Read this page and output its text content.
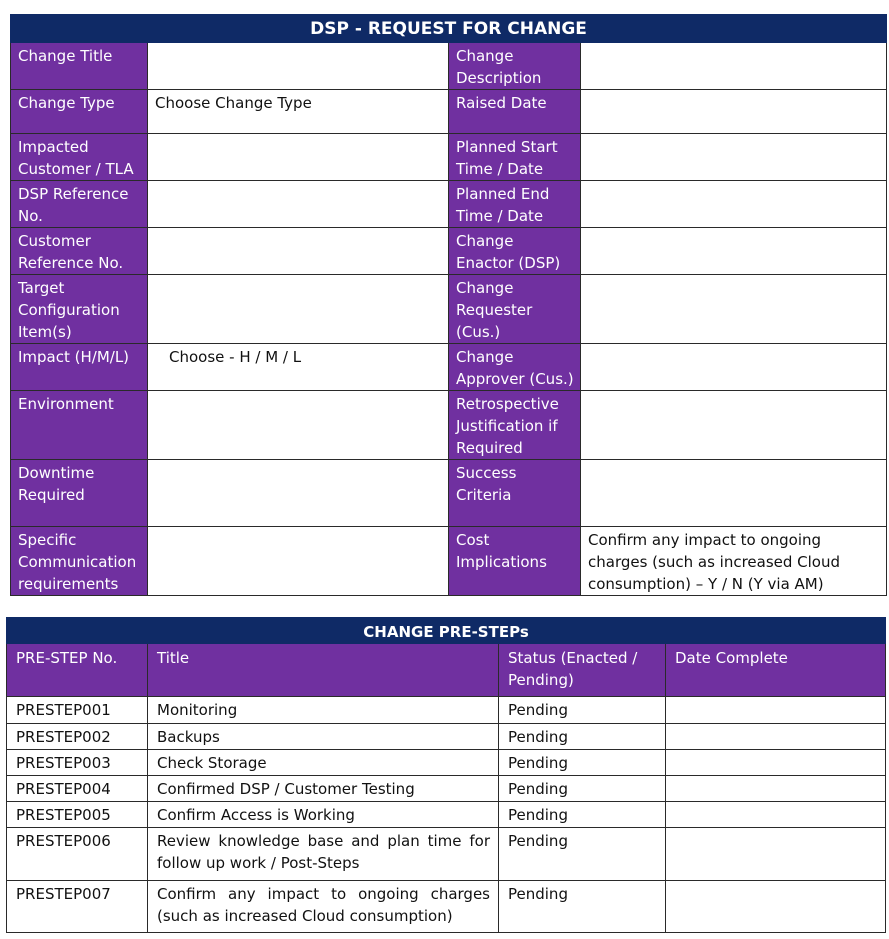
DSP - REQUEST FOR CHANGE			
Change Title		Change Description	
Change Type	Choose Change Type	Raised Date	
Impacted Customer / TLA		Planned Start Time / Date	
DSP Reference No.		Planned End Time / Date	
Customer Reference No.		Change Enactor (DSP)	
Target Configuration Item(s)		Change Requester (Cus.)	
Impact (H/M/L)	Choose - H / M / L	Change Approver (Cus.)	
Environment		Retrospective Justification if Required	
Downtime Required		Success Criteria	
Specific Communication requirements		Cost Implications	Confirm any impact to ongoing charges (such as increased Cloud consumption) – Y / N (Y via AM)
CHANGE PRE-STEPs			
PRE-STEP No.	Title	Status (Enacted / Pending)	Date Complete
PRESTEP001	Monitoring	Pending	
PRESTEP002	Backups	Pending	
PRESTEP003	Check Storage	Pending	
PRESTEP004	Confirmed DSP / Customer Testing	Pending	
PRESTEP005	Confirm Access is Working	Pending	
PRESTEP006	Review knowledge base and plan time for follow up work / Post-Steps	Pending	
PRESTEP007	Confirm any impact to ongoing charges (such as increased Cloud consumption)	Pending	
